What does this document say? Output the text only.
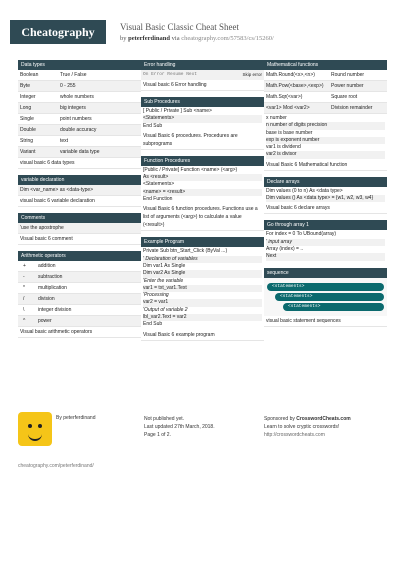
Cheatography	Visual Basic Classic Cheat Sheet
by peterferdinand via cheatography.com/57583/cs/15260/
Data types
Boolean	True / False
Byte	0 - 255
Integer	whole numbers
Long	big integers
Single	point numbers
Double	double accuracy
String	text
Variant	variable data type
visual basic 6 data types
variable declaration
Dim <var_name> as <data-type>
visual basic 6 variable declaration
Comments
'use the apostrophe
Visual basic 6 comment
Arithmetic operators
+	addition
-	subtraction
*	multiplication
/	division
\	integer division
^	power
Visual basic arithmetic operators
Error handling
On Error Resume Next	Skip error
Visual basic 6 Error handling
Sub Procedures
[ Public / Private ] Sub <name>
<Statements>
End Sub
Visual Basic 6 procedures. Procedures are subprograms
Function Procedures
[Public / Private] Function <name> (<arg>)
As <result>
<Statements>
<name> = <result>
End Function
Visual Basic 6 function procedures. Functions use a list of arguments (<arg>) to calculate a value (<result>)
Example Program
Private Sub btn_Start_Click (ByVal ...)
' Declaration of variables
Dim var1 As Single
Dim var2 As Single
'Enter the variable
var1 = txt_var1.Text
'Processing
var2 = var1
'Output of variable 2
lbl_var2.Text = var2
End Sub
Visual Basic 6 example program
Mathematical functions
Math.Round(<x>,<n>)	Round number
Math.Pow(<base>,<exp>)	Power number
Math.Sqr(<var>)	Square root
<var1> Mod <var2>	Division remainder
x number
n number of digits precision
base is base number
exp is exponent number
var1 is dividend
var2 is divisor
Visual Basic 6 Mathematical function
Declare arrays
Dim values (0 to n) As <data type>
Dim values () As <data type> = {w1, w2, w3, w4}
Visual basic 6 declare arrays
Go through array 1
For index = 0 To UBound(array)
' input array
Array (index) = ..
Next
sequence
<statements>
<statements>
<statements>
visual basic statement sequences
By peterferdinand	Not published yet.
Last updated 27th March, 2018.
Page 1 of 2.
Sponsored by CrosswordCheats.com
Learn to solve cryptic crosswords!
http://crosswordcheats.com
cheatography.com/peterferdinand/
